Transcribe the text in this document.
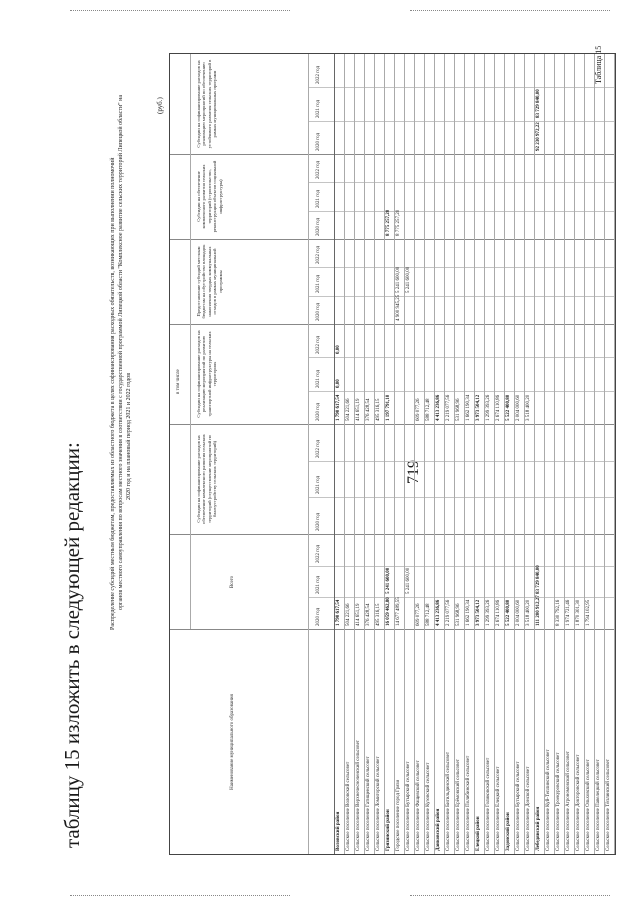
таблицу 15 изложить в следующей редакции:	719
Таблица 15
Распределение субсидий местным бюджетам, предоставляемых из областного бюджета в целях софинансирования расходных обязательств, возникающих при выполнении полномочий органов местного самоуправления по вопросам местного значения в соответствии с государственной программой Липецкой области "Комплексное развитие сельских территорий Липецкой области" на 2020 год и на плановый период 2021 и 2022 годов
(руб.)
Наименование муниципального образования
Всего
в том числе
Субсидии на софинансирование расходов на обеспечение комплексного развития сельских территорий (осуществление мероприятий по благоустройству сельских территорий)
Субсидии на софинансирование расходов на реализацию мероприятий по развитию транспортной инфраструктуры на сельских территориях
Предоставление субсидий местным бюджетам на обустройство площадок накопления твердых коммунальных отходов в рамках муниципальной программы
Субсидии на обеспечение комплексного развития сельских территорий (строительство, реконструкция объектов социальной инфраструктуры)
Субсидии на софинансирование расходов на реализацию мероприятий по обеспечению устойчивого развития сельских территорий в рамках муниципальных программ
2020 год
2021 год
2022 год
2020 год
2021 год
2022 год
2020 год
2021 год
2022 год
2020 год
2021 год
2022 год
2020 год
2021 год
2022 год
2020 год
2021 год
2022 год
Воловский район
1 790 617,54
1 790 617,54
0,00
0,00
Сельское поселение Воловский сельсовет
504 221,66
504 221,66
Сельское поселение Верхнечесноченский сельсовет
414 651,19
414 651,19
Сельское поселение Гатищенский сельсовет
376 428,54
376 428,54
Сельское поселение Ломигорский сельсовет
495 316,15
495 316,15
Грязинский район
16 059 462,80
5 241 600,00
1 197 791,10
8 775 257,20
Городское поселение город Грязи
14 677 489,55
4 900 945,25
5 241 600,00
8 775 257,20
Сельское поселение Бутырский сельсовет
5 241 600,00
5 241 600,00
Сельское поселение Фащевский сельсовет
609 077,26
609 077,26
Сельское поселение Кузовский сельсовет
588 712,48
588 712,48
Данковский район
4 413 236,86
4 413 236,86
Сельское поселение Бигильдинский сельсовет
2 219 077,56
2 219 077,56
Сельское поселение Ерёмовский сельсовет
531 968,96
531 968,96
Сельское поселение Полибинский сельсовет
1 662 190,34
1 662 190,34
Елецкий район
3 973 504,12
3 973 504,12
Сельское поселение Голиковский сельсовет
1 299 393,26
1 299 393,26
Сельское поселение Елецкий сельсовет
2 674 110,86
2 674 110,86
Задонский район
5 522 400,80
5 522 400,80
Сельское поселение Бутырский сельсовет
2 004 000,60
2 004 000,60
Сельское поселение Донской сельсовет
3 518 400,20
3 518 400,20
Лебедянский район
111 200 912,27
83 729 840,00
92 230 972,22
83 729 840,00
Сельское поселение Куй-Теплинский сельсовет Сельское поселение Троекуровский сельсовет
8 330 792,16
Сельское поселение Агрономовский сельсовет
1 974 721,46
Сельское поселение Докторовский сельсовет
1 870 301,30
Сельское поселение Ольховский сельсовет
1 794 102,95
Сельское поселение Павелецкий сельсовет Сельское поселение Тёплинский сельсовет
